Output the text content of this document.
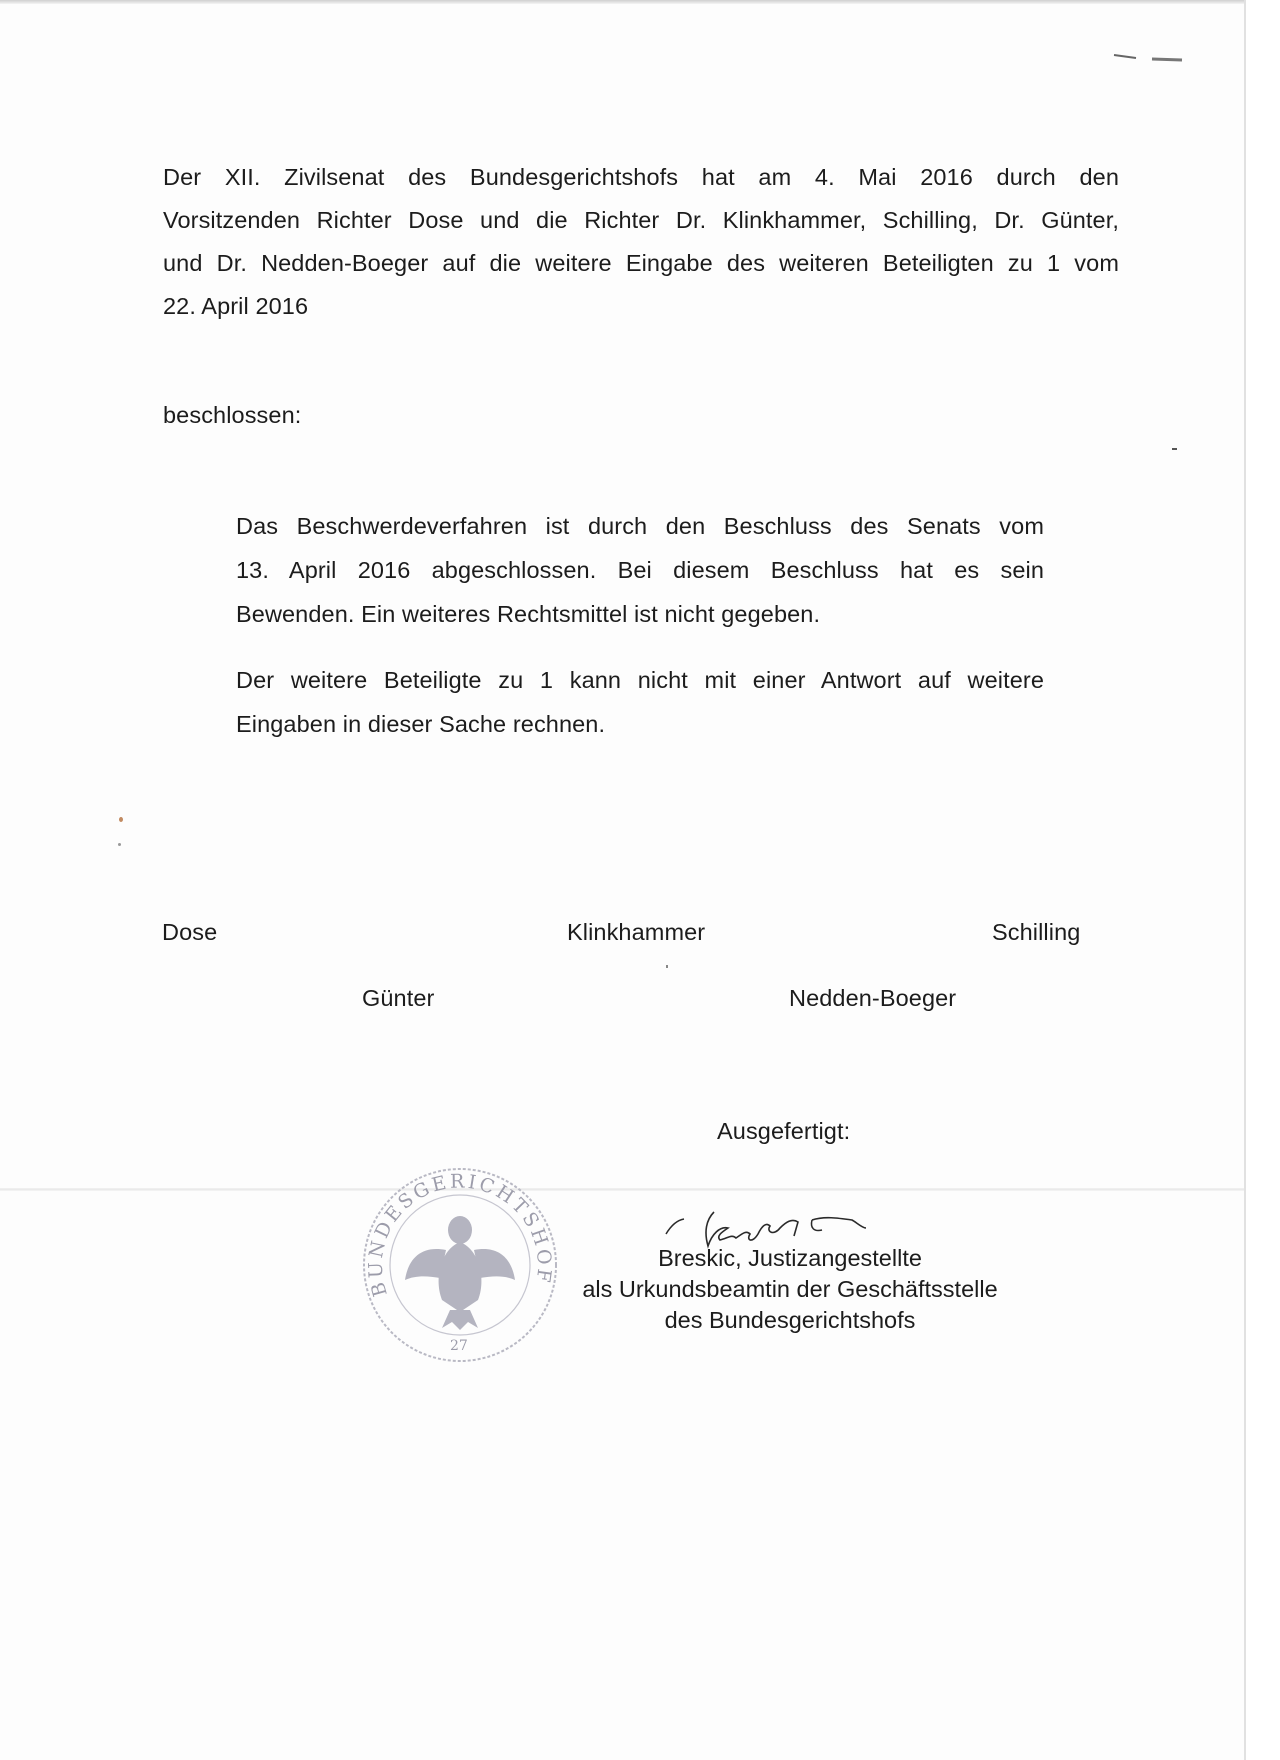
Der XII. Zivilsenat des Bundesgerichtshofs hat am 4. Mai 2016 durch den
Vorsitzenden Richter Dose und die Richter Dr. Klinkhammer, Schilling, Dr. Günter,
und Dr. Nedden-Boeger auf die weitere Eingabe des weiteren Beteiligten zu 1 vom
22. April 2016
beschlossen:
Das Beschwerdeverfahren ist durch den Beschluss des Senats vom
13. April 2016 abgeschlossen. Bei diesem Beschluss hat es sein
Bewenden. Ein weiteres Rechtsmittel ist nicht gegeben.
Der weitere Beteiligte zu 1 kann nicht mit einer Antwort auf weitere
Eingaben in dieser Sache rechnen.
Dose	Klinkhammer	Schilling
Günter	Nedden-Boeger
Ausgefertigt:
BUNDESGERICHTSHOF
27
Breskic, Justizangestellte
als Urkundsbeamtin der Geschäftsstelle
des Bundesgerichtshofs
